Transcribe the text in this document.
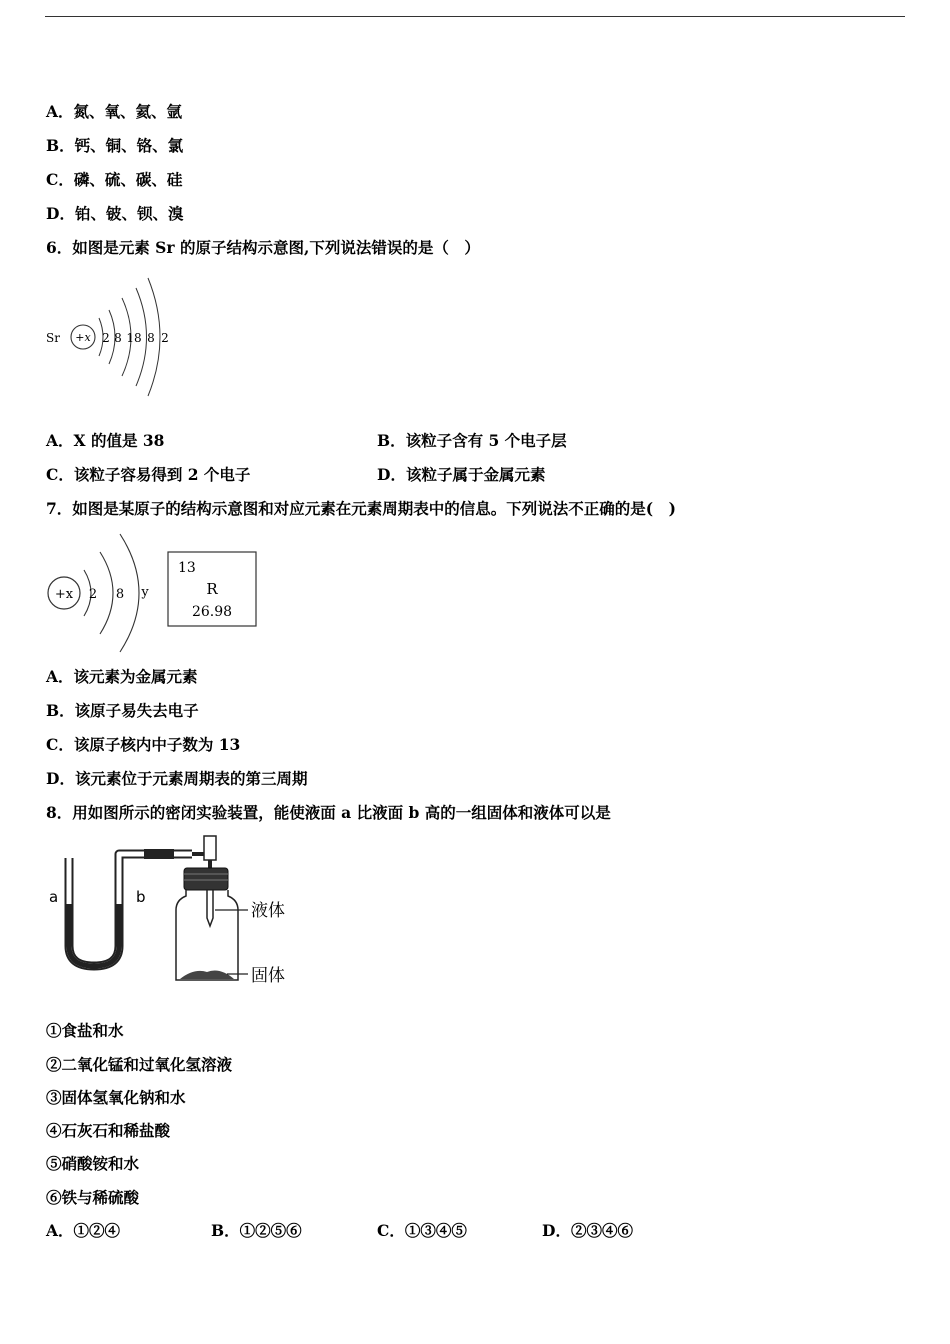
A．氮、氧、氦、氩
B．钙、铜、铬、氯
C．磷、硫、碳、硅
D．铂、铍、钡、溴
6．如图是元素 Sr 的原子结构示意图,下列说法错误的是（　）
Sr +x 2 8 18 8 2
A．X 的值是 38	B．该粒子含有 5 个电子层
C．该粒子容易得到 2 个电子	D．该粒子属于金属元素
7．如图是某原子的结构示意图和对应元素在元素周期表中的信息。下列说法不正确的是(　)
+x 2 8 y
13
R
26.98
A．该元素为金属元素
B．该原子易失去电子
C．该原子核内中子数为 13
D．该元素位于元素周期表的第三周期
8．用如图所示的密闭实验装置，能使液面 a 比液面 b 高的一组固体和液体可以是
a	b
液体
固体
①食盐和水
②二氧化锰和过氧化氢溶液
③固体氢氧化钠和水
④石灰石和稀盐酸
⑤硝酸铵和水
⑥铁与稀硫酸
A．①②④	B．①②⑤⑥	C．①③④⑤	D．②③④⑥
